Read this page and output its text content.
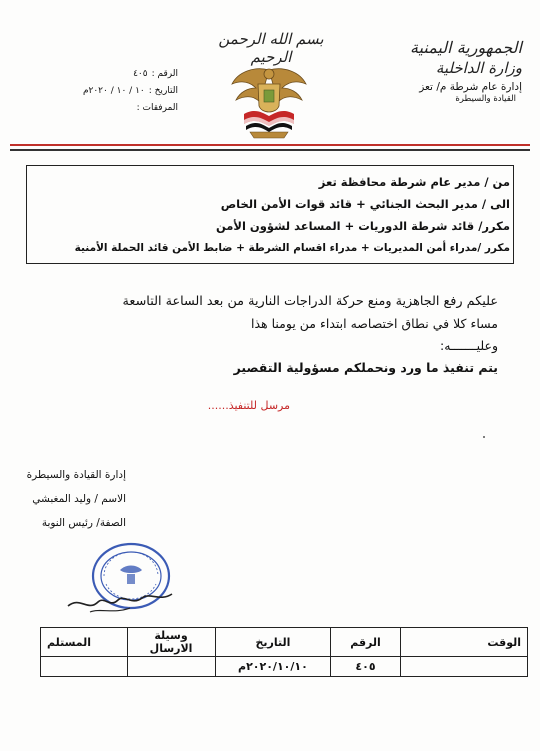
بسم الله الرحمن الرحيم	الجمهورية اليمنية
وزارة الداخلية
إدارة عام شرطة م/ تعز
القيادة والسيطرة
الرقم :
٤٠٥
التاريخ :
١٠ / ١٠ / ٢٠٢٠م
المرفقات :
من / مدير عام شرطة محافظة تعز
الى / مدير البحث الجنائي + قائد قوات الأمن الخاص
مكرر/ قائد شرطة الدوريات + المساعد لشؤون الأمن
مكرر /مدراء أمن المديريات + مدراء اقسام الشرطة + ضابط الأمن قائد الحملة الأمنية
عليكم رفع الجاهزية ومنع حركة الدراجات النارية من بعد الساعة التاسعة
مساء كلا في نطاق اختصاصه ابتداء من يومنا هذا
وعليـــــــه:
يتم تنفيذ ما ورد ونحملكم مسؤولية التقصير
مرسل للتنفيذ......
إدارة القيادة والسيطرة
الاسم / وليد المغبشي
الصفة/ رئيس النوبة
الوقت	الرقم	التاريخ	وسيلة الارسال	المستلم
	٤٠٥	٢٠٢٠/١٠/١٠م		
